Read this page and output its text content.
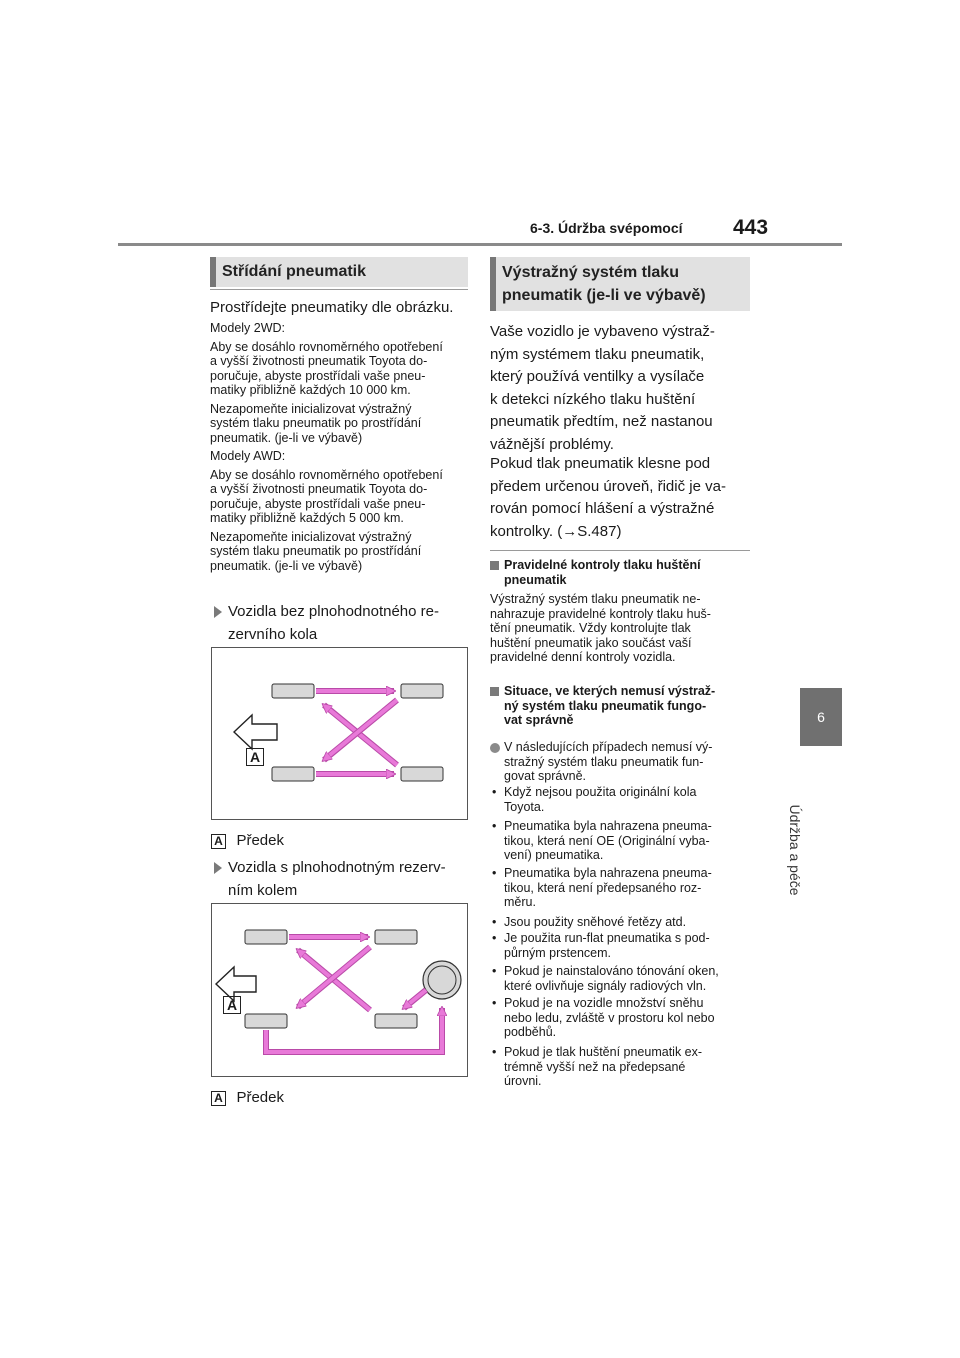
6-3. Údržba svépomocí 443
6
Údržba a péče
Střídání pneumatik
Prostřídejte pneumatiky dle obrázku.
Modely 2WD:
Aby se dosáhlo rovnoměrného opotřebení
a vyšší životnosti pneumatik Toyota do-
poručuje, abyste prostřídali vaše pneu-
matiky přibližně každých 10 000 km.
Nezapomeňte inicializovat výstražný
systém tlaku pneumatik po prostřídání
pneumatik. (je-li ve výbavě)
Modely AWD:
Aby se dosáhlo rovnoměrného opotřebení
a vyšší životnosti pneumatik Toyota do-
poručuje, abyste prostřídali vaše pneu-
matiky přibližně každých 5 000 km.
Nezapomeňte inicializovat výstražný
systém tlaku pneumatik po prostřídání
pneumatik. (je-li ve výbavě)
Vozidla bez plnohodnotného re-
zervního kola
A
A Předek
Vozidla s plnohodnotným rezerv-
ním kolem
A
A Předek
Výstražný systém tlaku
pneumatik (je-li ve výbavě)
Vaše vozidlo je vybaveno výstraž-
ným systémem tlaku pneumatik,
který používá ventilky a vysílače
k detekci nízkého tlaku huštění
pneumatik předtím, než nastanou
vážnější problémy.
Pokud tlak pneumatik klesne pod
předem určenou úroveň, řidič je va-
rován pomocí hlášení a výstražné
kontrolky. (→S.487)
Pravidelné kontroly tlaku huštění
pneumatik
Výstražný systém tlaku pneumatik ne-
nahrazuje pravidelné kontroly tlaku huš-
tění pneumatik. Vždy kontrolujte tlak
huštění pneumatik jako součást vaší
pravidelné denní kontroly vozidla.
Situace, ve kterých nemusí výstraž-
ný systém tlaku pneumatik fungo-
vat správně
V následujících případech nemusí vý-
stražný systém tlaku pneumatik fun-
govat správně.
• Když nejsou použita originální kola
Toyota.
• Pneumatika byla nahrazena pneuma-
tikou, která není OE (Originální vyba-
vení) pneumatika.
• Pneumatika byla nahrazena pneuma-
tikou, která není předepsaného roz-
měru.
• Jsou použity sněhové řetězy atd.
• Je použita run-flat pneumatika s pod-
půrným prstencem.
• Pokud je nainstalováno tónování oken,
které ovlivňuje signály radiových vln.
• Pokud je na vozidle množství sněhu
nebo ledu, zvláště v prostoru kol nebo
podběhů.
• Pokud je tlak huštění pneumatik ex-
trémně vyšší než na předepsané
úrovni.
